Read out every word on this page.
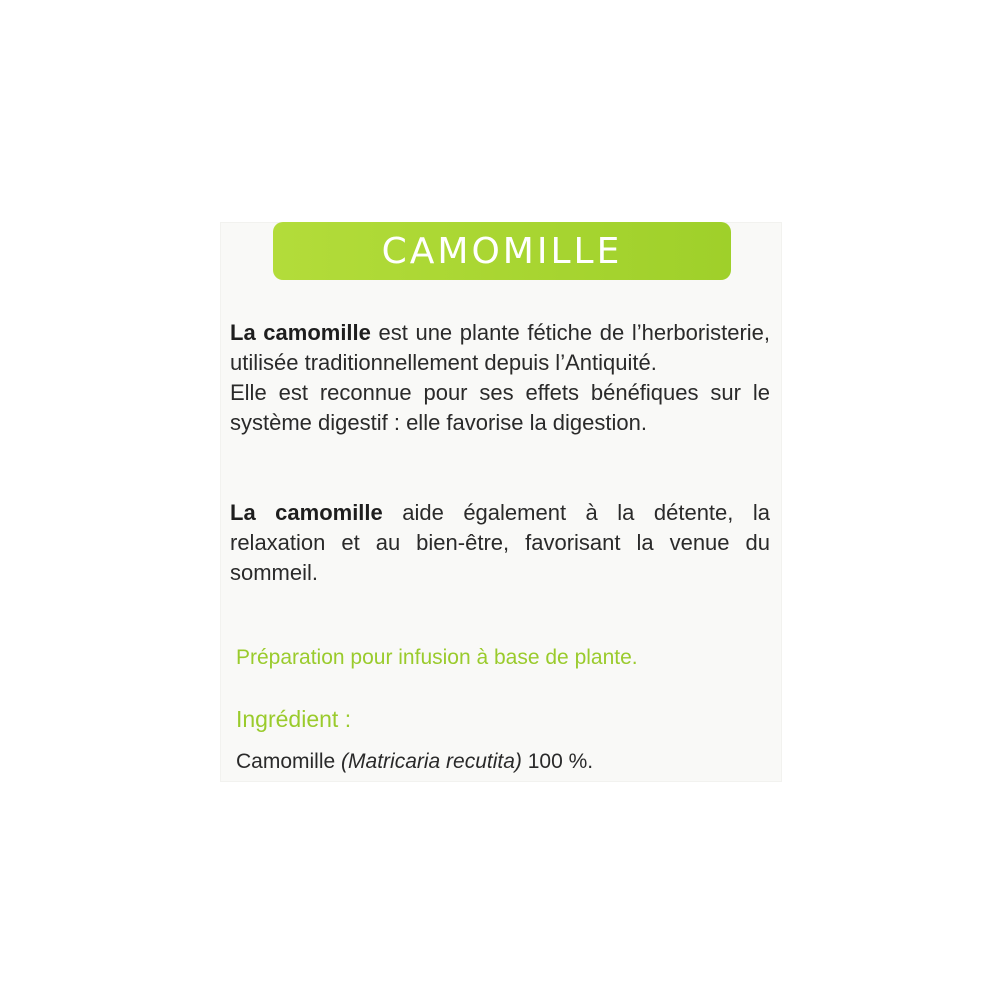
CAMOMILLE
La camomille est une plante fétiche de l’herboristerie, utilisée traditionnellement depuis l’Antiquité.
Elle est reconnue pour ses effets bénéfiques sur le système digestif : elle favorise la digestion.
La camomille aide également à la détente, la relaxation et au bien-être, favorisant la venue du sommeil.
Préparation pour infusion à base de plante.
Ingrédient :
Camomille (Matricaria recutita) 100 %.
